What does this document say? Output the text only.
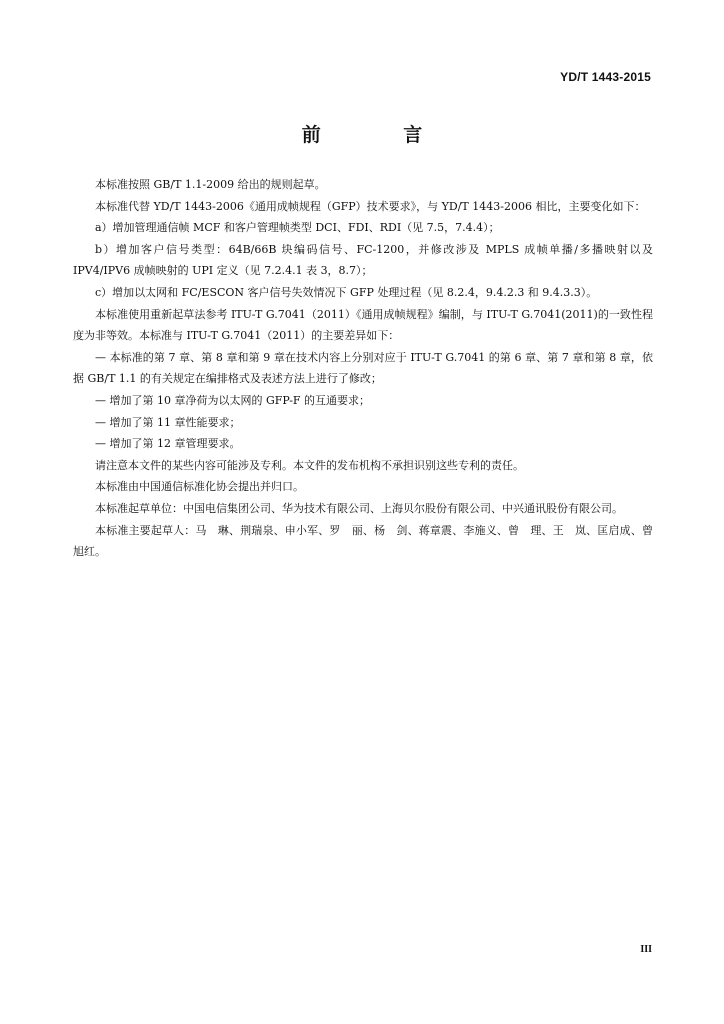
YD/T 1443-2015
前 言

本标准按照 GB/T 1.1-2009 给出的规则起草。

本标准代替 YD/T 1443-2006《通用成帧规程（GFP）技术要求》，与 YD/T 1443-2006 相比，主要变化如下：

a）增加管理通信帧 MCF 和客户管理帧类型 DCI、FDI、RDI（见 7.5，7.4.4）；

b）增加客户信号类型：64B/66B 块编码信号、FC-1200，并修改涉及 MPLS 成帧单播/多播映射以及IPV4/IPV6 成帧映射的 UPI 定义（见 7.2.4.1 表 3，8.7）；

c）增加以太网和 FC/ESCON 客户信号失效情况下 GFP 处理过程（见 8.2.4，9.4.2.3 和 9.4.3.3）。

本标准使用重新起草法参考 ITU-T G.7041（2011）《通用成帧规程》编制，与 ITU-T G.7041(2011)的一致性程度为非等效。本标准与 ITU-T G.7041（2011）的主要差异如下：

— 本标准的第 7 章、第 8 章和第 9 章在技术内容上分别对应于 ITU-T G.7041 的第 6 章、第 7 章和第 8 章，依据 GB/T 1.1 的有关规定在编排格式及表述方法上进行了修改；

— 增加了第 10 章净荷为以太网的 GFP-F 的互通要求；

— 增加了第 11 章性能要求；

— 增加了第 12 章管理要求。

请注意本文件的某些内容可能涉及专利。本文件的发布机构不承担识别这些专利的责任。

本标准由中国通信标准化协会提出并归口。

本标准起草单位：中国电信集团公司、华为技术有限公司、上海贝尔股份有限公司、中兴通讯股份有限公司。

本标准主要起草人：马　琳、荆瑞泉、申小军、罗　丽、杨　剑、蒋章震、李施义、曾　理、王　岚、匡启成、曾旭红。

III
